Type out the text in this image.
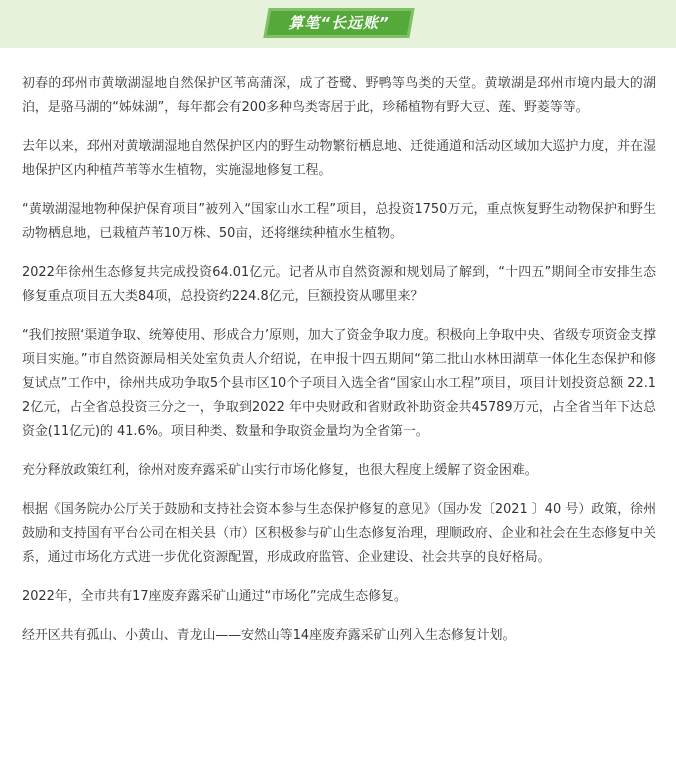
算笔“长远账”

初春的邳州市黄墩湖湿地自然保护区苇高蒲深，成了苍鹭、野鸭等鸟类的天堂。黄墩湖是邳州市境内最大的湖泊，是骆马湖的“姊妹湖”，每年都会有200多种鸟类寄居于此，珍稀植物有野大豆、莲、野菱等等。

去年以来，邳州对黄墩湖湿地自然保护区内的野生动物繁衍栖息地、迁徙通道和活动区域加大巡护力度，并在湿地保护区内种植芦苇等水生植物，实施湿地修复工程。

“黄墩湖湿地物种保护保育项目”被列入“国家山水工程”项目，总投资1750万元，重点恢复野生动物保护和野生动物栖息地，已栽植芦苇10万株、50亩，还将继续种植水生植物。

2022年徐州生态修复共完成投资64.01亿元。记者从市自然资源和规划局了解到，“十四五”期间全市安排生态修复重点项目五大类84项，总投资约224.8亿元，巨额投资从哪里来？

“我们按照‘渠道争取、统筹使用、形成合力’原则，加大了资金争取力度。积极向上争取中央、省级专项资金支撑项目实施。”市自然资源局相关处室负责人介绍说，在申报十四五期间“第二批山水林田湖草一体化生态保护和修复试点”工作中，徐州共成功争取5个县市区10个子项目入选全省“国家山水工程”项目，项目计划投资总额 22.12亿元，占全省总投资三分之一，争取到2022 年中央财政和省财政补助资金共45789万元，占全省当年下达总资金(11亿元)的 41.6%。项目种类、数量和争取资金量均为全省第一。

充分释放政策红利，徐州对废弃露采矿山实行市场化修复，也很大程度上缓解了资金困难。

根据《国务院办公厅关于鼓励和支持社会资本参与生态保护修复的意见》（国办发〔2021 〕40 号）政策，徐州鼓励和支持国有平台公司在相关县（市）区积极参与矿山生态修复治理，理顺政府、企业和社会在生态修复中关系，通过市场化方式进一步优化资源配置，形成政府监管、企业建设、社会共享的良好格局。

2022年，全市共有17座废弃露采矿山通过“市场化”完成生态修复。

经开区共有孤山、小黄山、青龙山——安然山等14座废弃露采矿山列入生态修复计划。
